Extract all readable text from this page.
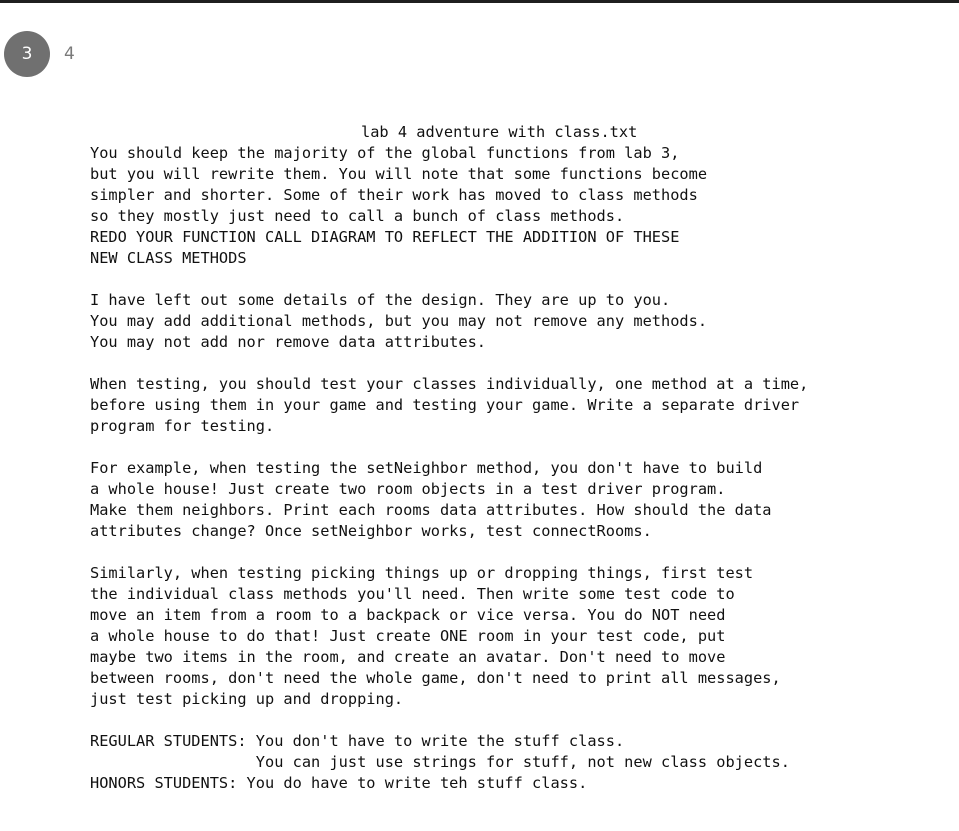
3	4
lab 4 adventure with class.txt
You should keep the majority of the global functions from lab 3,
but you will rewrite them. You will note that some functions become
simpler and shorter. Some of their work has moved to class methods
so they mostly just need to call a bunch of class methods.
REDO YOUR FUNCTION CALL DIAGRAM TO REFLECT THE ADDITION OF THESE
NEW CLASS METHODS
I have left out some details of the design. They are up to you.
You may add additional methods, but you may not remove any methods.
You may not add nor remove data attributes.
When testing, you should test your classes individually, one method at a time,
before using them in your game and testing your game. Write a separate driver
program for testing.
For example, when testing the setNeighbor method, you don't have to build
a whole house! Just create two room objects in a test driver program.
Make them neighbors. Print each rooms data attributes. How should the data
attributes change? Once setNeighbor works, test connectRooms.
Similarly, when testing picking things up or dropping things, first test
the individual class methods you'll need. Then write some test code to
move an item from a room to a backpack or vice versa. You do NOT need
a whole house to do that! Just create ONE room in your test code, put
maybe two items in the room, and create an avatar. Don't need to move
between rooms, don't need the whole game, don't need to print all messages,
just test picking up and dropping.
REGULAR STUDENTS: You don't have to write the stuff class.
You can just use strings for stuff, not new class objects.
HONORS STUDENTS: You do have to write teh stuff class.
